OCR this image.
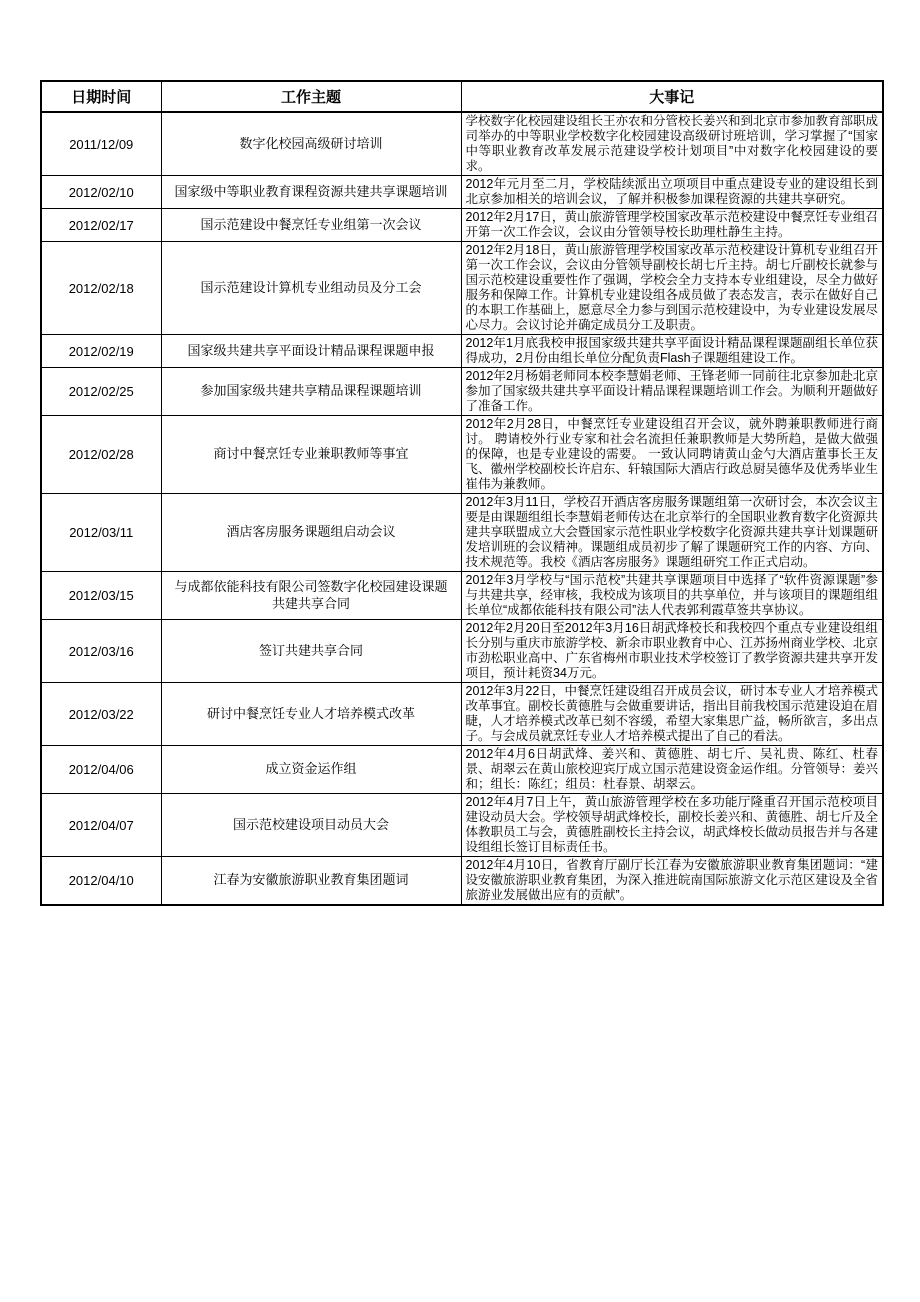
日期时间	工作主题	大事记
2011/12/09	数字化校园高级研讨培训	学校数字化校园建设组长王亦农和分管校长姜兴和到北京市参加教育部职成司举办的中等职业学校数字化校园建设高级研讨班培训，学习掌握了“国家中等职业教育改革发展示范建设学校计划项目”中对数字化校园建设的要求。
2012/02/10	国家级中等职业教育课程资源共建共享课题培训	2012年元月至二月，学校陆续派出立项项目中重点建设专业的建设组长到北京参加相关的培训会议，了解并积极参加课程资源的共建共享研究。
2012/02/17	国示范建设中餐烹饪专业组第一次会议	2012年2月17日，黄山旅游管理学校国家改革示范校建设中餐烹饪专业组召开第一次工作会议，会议由分管领导校长助理杜静生主持。
2012/02/18	国示范建设计算机专业组动员及分工会	2012年2月18日，黄山旅游管理学校国家改革示范校建设计算机专业组召开第一次工作会议，会议由分管领导副校长胡七斤主持。胡七斤副校长就参与国示范校建设重要性作了强调，学校会全力支持本专业组建设，尽全力做好服务和保障工作。计算机专业建设组各成员做了表态发言，表示在做好自己的本职工作基础上，愿意尽全力参与到国示范校建设中，为专业建设发展尽心尽力。会议讨论并确定成员分工及职责。
2012/02/19	国家级共建共享平面设计精品课程课题申报	2012年1月底我校申报国家级共建共享平面设计精品课程课题副组长单位获得成功，2月份由组长单位分配负责Flash子课题组建设工作。
2012/02/25	参加国家级共建共享精品课程课题培训	2012年2月杨娟老师同本校李慧娟老师、王锋老师一同前往北京参加赴北京参加了国家级共建共享平面设计精品课程课题培训工作会。为顺利开题做好了准备工作。
2012/02/28	商讨中餐烹饪专业兼职教师等事宜	2012年2月28日，中餐烹饪专业建设组召开会议，就外聘兼职教师进行商讨。 聘请校外行业专家和社会名流担任兼职教师是大势所趋，是做大做强的保障，也是专业建设的需要。 一致认同聘请黄山金勺大酒店董事长王友飞、徽州学校副校长许启东、轩辕国际大酒店行政总厨吴德华及优秀毕业生崔伟为兼教师。
2012/03/11	酒店客房服务课题组启动会议	2012年3月11日，学校召开酒店客房服务课题组第一次研讨会，本次会议主要是由课题组组长李慧娟老师传达在北京举行的全国职业教育数字化资源共建共享联盟成立大会暨国家示范性职业学校数字化资源共建共享计划课题研发培训班的会议精神。课题组成员初步了解了课题研究工作的内容、方向、技术规范等。我校《酒店客房服务》课题组研究工作正式启动。
2012/03/15	与成都依能科技有限公司签数字化校园建设课题共建共享合同	2012年3月学校与“国示范校”共建共享课题项目中选择了“软件资源课题”参与共建共享，经审核，我校成为该项目的共享单位，并与该项目的课题组组长单位“成都依能科技有限公司”法人代表郭利霞草签共享协议。
2012/03/16	签订共建共享合同	2012年2月20日至2012年3月16日胡武烽校长和我校四个重点专业建设组组长分别与重庆市旅游学校、新余市职业教育中心、江苏扬州商业学校、北京市劲松职业高中、广东省梅州市职业技术学校签订了教学资源共建共享开发项目，预计耗资34万元。
2012/03/22	研讨中餐烹饪专业人才培养模式改革	2012年3月22日，中餐烹饪建设组召开成员会议，研讨本专业人才培养模式改革事宜。副校长黄德胜与会做重要讲话，指出目前我校国示范建设迫在眉睫，人才培养模式改革已刻不容缓，希望大家集思广益，畅所欲言，多出点子。与会成员就烹饪专业人才培养模式提出了自己的看法。
2012/04/06	成立资金运作组	2012年4月6日胡武烽、姜兴和、黄德胜、胡七斤、吴礼贵、陈红、杜春景、胡翠云在黄山旅校迎宾厅成立国示范建设资金运作组。分管领导：姜兴和；组长：陈红；组员：杜春景、胡翠云。
2012/04/07	国示范校建设项目动员大会	2012年4月7日上午，黄山旅游管理学校在多功能厅隆重召开国示范校项目建设动员大会。学校领导胡武烽校长，副校长姜兴和、黄德胜、胡七斤及全体教职员工与会，黄德胜副校长主持会议，胡武烽校长做动员报告并与各建设组组长签订目标责任书。
2012/04/10	江春为安徽旅游职业教育集团题词	2012年4月10日，省教育厅副厅长江春为安徽旅游职业教育集团题词：“建设安徽旅游职业教育集团，为深入推进皖南国际旅游文化示范区建设及全省旅游业发展做出应有的贡献”。
